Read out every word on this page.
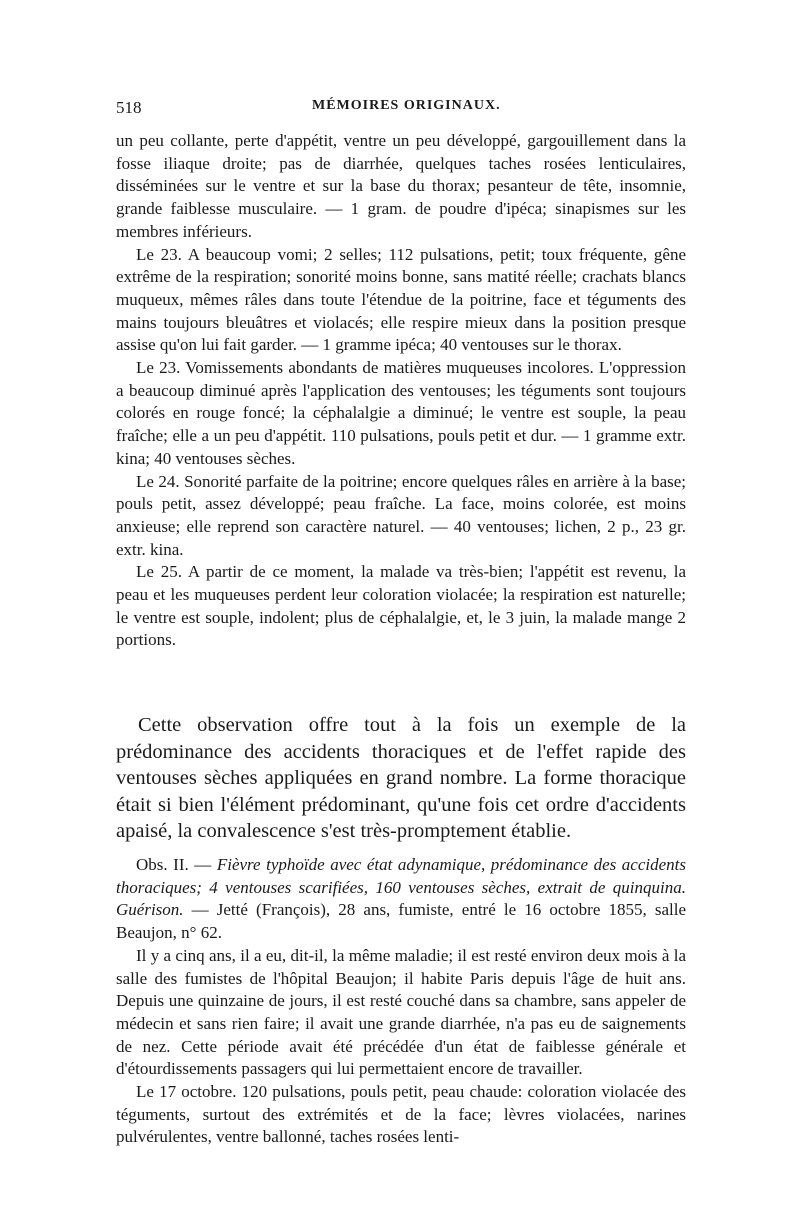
518	MÉMOIRES ORIGINAUX.

un peu collante, perte d'appétit, ventre un peu développé, gargouillement dans la fosse iliaque droite; pas de diarrhée, quelques taches rosées lenticulaires, disséminées sur le ventre et sur la base du thorax; pesanteur de tête, insomnie, grande faiblesse musculaire. — 1 gram. de poudre d'ipéca; sinapismes sur les membres inférieurs.

Le 23. A beaucoup vomi; 2 selles; 112 pulsations, petit; toux fréquente, gêne extrême de la respiration; sonorité moins bonne, sans matité réelle; crachats blancs muqueux, mêmes râles dans toute l'étendue de la poitrine, face et téguments des mains toujours bleuâtres et violacés; elle respire mieux dans la position presque assise qu'on lui fait garder. — 1 gramme ipéca; 40 ventouses sur le thorax.

Le 23. Vomissements abondants de matières muqueuses incolores. L'oppression a beaucoup diminué après l'application des ventouses; les téguments sont toujours colorés en rouge foncé; la céphalalgie a diminué; le ventre est souple, la peau fraîche; elle a un peu d'appétit. 110 pulsations, pouls petit et dur. — 1 gramme extr. kina; 40 ventouses sèches.

Le 24. Sonorité parfaite de la poitrine; encore quelques râles en arrière à la base; pouls petit, assez développé; peau fraîche. La face, moins colorée, est moins anxieuse; elle reprend son caractère naturel. — 40 ventouses; lichen, 2 p., 23 gr. extr. kina.

Le 25. A partir de ce moment, la malade va très-bien; l'appétit est revenu, la peau et les muqueuses perdent leur coloration violacée; la respiration est naturelle; le ventre est souple, indolent; plus de céphalalgie, et, le 3 juin, la malade mange 2 portions.

Cette observation offre tout à la fois un exemple de la prédominance des accidents thoraciques et de l'effet rapide des ventouses sèches appliquées en grand nombre. La forme thoracique était si bien l'élément prédominant, qu'une fois cet ordre d'accidents apaisé, la convalescence s'est très-promptement établie.

Obs. II. — Fièvre typhoïde avec état adynamique, prédominance des accidents thoraciques; 4 ventouses scarifiées, 160 ventouses sèches, extrait de quinquina. Guérison. — Jetté (François), 28 ans, fumiste, entré le 16 octobre 1855, salle Beaujon, n° 62.

Il y a cinq ans, il a eu, dit-il, la même maladie; il est resté environ deux mois à la salle des fumistes de l'hôpital Beaujon; il habite Paris depuis l'âge de huit ans. Depuis une quinzaine de jours, il est resté couché dans sa chambre, sans appeler de médecin et sans rien faire; il avait une grande diarrhée, n'a pas eu de saignements de nez. Cette période avait été précédée d'un état de faiblesse générale et d'étourdissements passagers qui lui permettaient encore de travailler.

Le 17 octobre. 120 pulsations, pouls petit, peau chaude: coloration violacée des téguments, surtout des extrémités et de la face; lèvres violacées, narines pulvérulentes, ventre ballonné, taches rosées lenti-
